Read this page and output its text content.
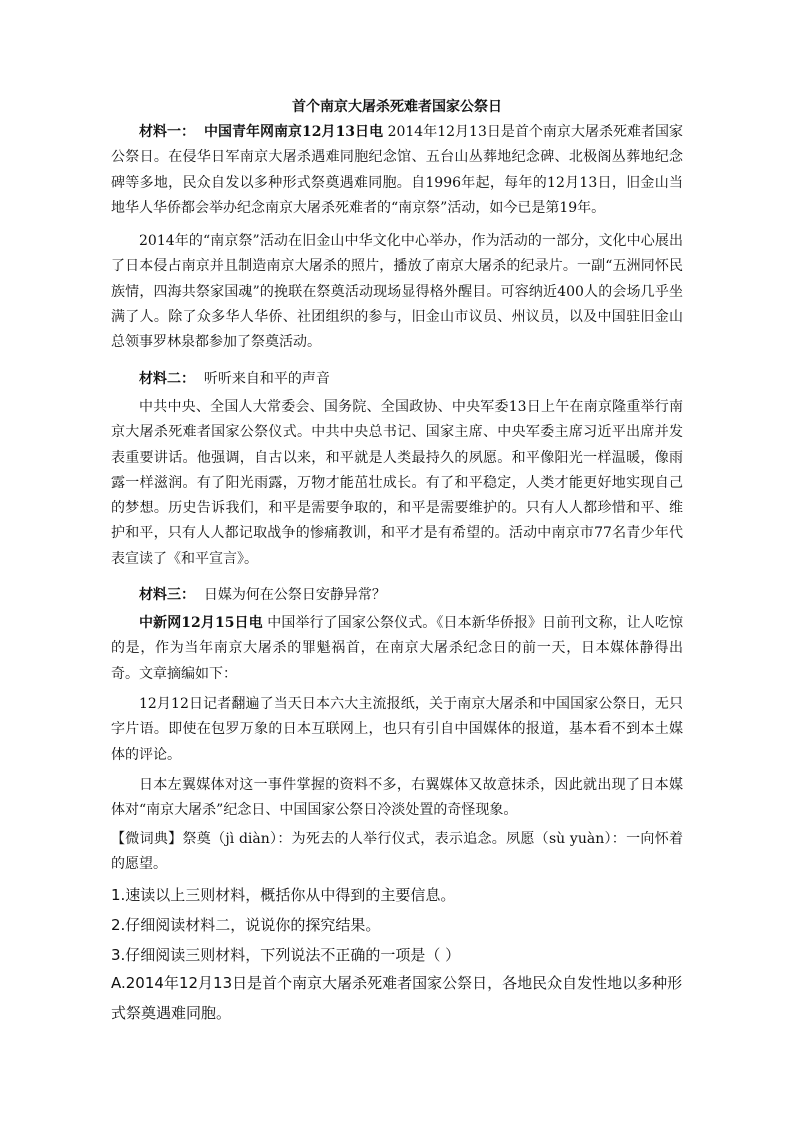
首个南京大屠杀死难者国家公祭日

材料一： 中国青年网南京12月13日电 2014年12月13日是首个南京大屠杀死难者国家公祭日。在侵华日军南京大屠杀遇难同胞纪念馆、五台山丛葬地纪念碑、北极阁丛葬地纪念碑等多地，民众自发以多种形式祭奠遇难同胞。自1996年起，每年的12月13日，旧金山当地华人华侨都会举办纪念南京大屠杀死难者的“南京祭”活动，如今已是第19年。

2014年的“南京祭”活动在旧金山中华文化中心举办，作为活动的一部分，文化中心展出了日本侵占南京并且制造南京大屠杀的照片，播放了南京大屠杀的纪录片。一副“五洲同怀民族情，四海共祭家国魂”的挽联在祭奠活动现场显得格外醒目。可容纳近400人的会场几乎坐满了人。除了众多华人华侨、社团组织的参与，旧金山市议员、州议员，以及中国驻旧金山总领事罗林泉都参加了祭奠活动。

材料二： 听听来自和平的声音

中共中央、全国人大常委会、国务院、全国政协、中央军委13日上午在南京隆重举行南京大屠杀死难者国家公祭仪式。中共中央总书记、国家主席、中央军委主席习近平出席并发表重要讲话。他强调，自古以来，和平就是人类最持久的夙愿。和平像阳光一样温暖，像雨露一样滋润。有了阳光雨露，万物才能茁壮成长。有了和平稳定，人类才能更好地实现自己的梦想。历史告诉我们，和平是需要争取的，和平是需要维护的。只有人人都珍惜和平、维护和平，只有人人都记取战争的惨痛教训，和平才是有希望的。活动中南京市77名青少年代表宣读了《和平宣言》。

材料三： 日媒为何在公祭日安静异常？

中新网12月15日电 中国举行了国家公祭仪式。《日本新华侨报》日前刊文称，让人吃惊的是，作为当年南京大屠杀的罪魁祸首，在南京大屠杀纪念日的前一天，日本媒体静得出奇。文章摘编如下：

12月12日记者翻遍了当天日本六大主流报纸，关于南京大屠杀和中国国家公祭日，无只字片语。即使在包罗万象的日本互联网上，也只有引自中国媒体的报道，基本看不到本土媒体的评论。

日本左翼媒体对这一事件掌握的资料不多，右翼媒体又故意抹杀，因此就出现了日本媒体对“南京大屠杀”纪念日、中国国家公祭日冷淡处置的奇怪现象。

【微词典】祭奠（jì diàn）：为死去的人举行仪式，表示追念。夙愿（sù yuàn）：一向怀着的愿望。

1.速读以上三则材料，概括你从中得到的主要信息。

2.仔细阅读材料二，说说你的探究结果。

3.仔细阅读三则材料，下列说法不正确的一项是（ ）

A.2014年12月13日是首个南京大屠杀死难者国家公祭日，各地民众自发性地以多种形式祭奠遇难同胞。
